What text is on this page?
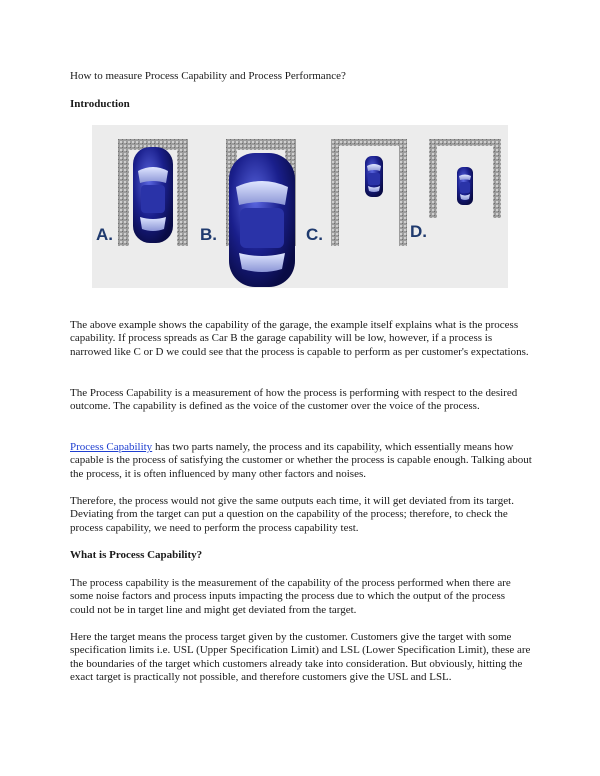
How to measure Process Capability and Process Performance?
Introduction
A.	B.	C.	D.

The above example shows the capability of the garage, the example itself explains what is the process capability. If process spreads as Car B the garage capability will be low, however, if a process is narrowed like C or D we could see that the process is capable to perform as per customer's expectations.

The Process Capability is a measurement of how the process is performing with respect to the desired outcome. The capability is defined as the voice of the customer over the voice of the process.

Process Capability has two parts namely, the process and its capability, which essentially means how capable is the process of satisfying the customer or whether the process is capable enough. Talking about the process, it is often influenced by many other factors and noises.

Therefore, the process would not give the same outputs each time, it will get deviated from its target. Deviating from the target can put a question on the capability of the process; therefore, to check the process capability, we need to perform the process capability test.

What is Process Capability?

The process capability is the measurement of the capability of the process performed when there are some noise factors and process inputs impacting the process due to which the output of the process could not be in target line and might get deviated from the target.

Here the target means the process target given by the customer. Customers give the target with some specification limits i.e. USL (Upper Specification Limit) and LSL (Lower Specification Limit), these are the boundaries of the target which customers already take into consideration. But obviously, hitting the exact target is practically not possible, and therefore customers give the USL and LSL.
